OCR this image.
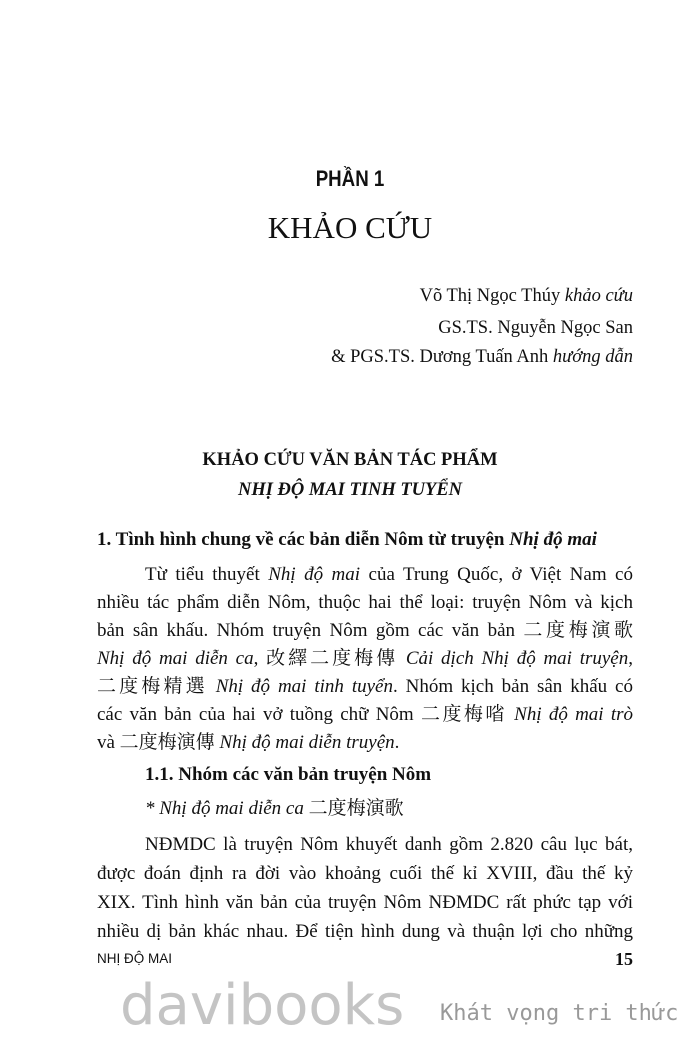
PHẦN 1
KHẢO CỨU
Võ Thị Ngọc Thúy khảo cứu
GS.TS. Nguyễn Ngọc San
& PGS.TS. Dương Tuấn Anh hướng dẫn
KHẢO CỨU VĂN BẢN TÁC PHẨM
NHỊ ĐỘ MAI TINH TUYỂN
1. Tình hình chung về các bản diễn Nôm từ truyện Nhị độ mai
Từ tiểu thuyết Nhị độ mai của Trung Quốc, ở Việt Nam có
nhiều tác phẩm diễn Nôm, thuộc hai thể loại: truyện Nôm và kịch
bản sân khấu. Nhóm truyện Nôm gồm các văn bản 二度梅演歌
Nhị độ mai diễn ca, 改繹二度梅傳 Cải dịch Nhị độ mai truyện,
二度梅精選 Nhị độ mai tinh tuyển. Nhóm kịch bản sân khấu có
các văn bản của hai vở tuồng chữ Nôm 二度梅㗂 Nhị độ mai trò
và 二度梅演傳 Nhị độ mai diễn truyện.
1.1. Nhóm các văn bản truyện Nôm
* Nhị độ mai diễn ca 二度梅演歌
NĐMDC là truyện Nôm khuyết danh gồm 2.820 câu lục bát,
được đoán định ra đời vào khoảng cuối thế kỉ XVIII, đầu thế kỷ
XIX. Tình hình văn bản của truyện Nôm NĐMDC rất phức tạp với
nhiều dị bản khác nhau. Để tiện hình dung và thuận lợi cho những
NHỊ ĐỘ MAI	15
davibooks Khát vọng tri thức
